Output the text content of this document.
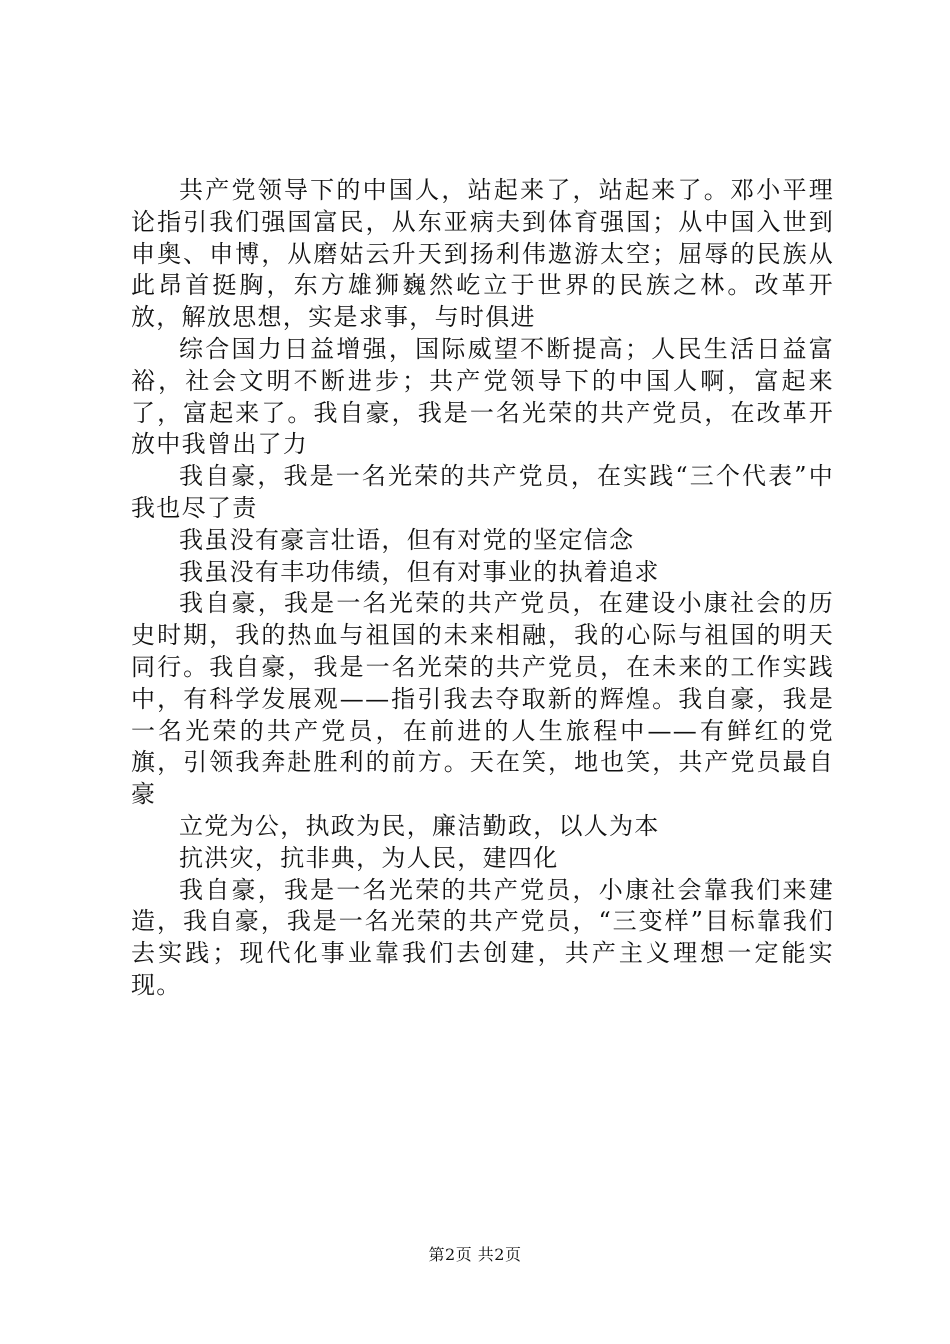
共产党领导下的中国人，站起来了，站起来了。邓小平理论指引我们强国富民，从东亚病夫到体育强国；从中国入世到申奥、申博，从磨姑云升天到扬利伟遨游太空；屈辱的民族从此昂首挺胸，东方雄狮巍然屹立于世界的民族之林。改革开放，解放思想，实是求事，与时俱进

综合国力日益增强，国际威望不断提高；人民生活日益富裕，社会文明不断进步；共产党领导下的中国人啊，富起来了，富起来了。我自豪，我是一名光荣的共产党员，在改革开放中我曾出了力

我自豪，我是一名光荣的共产党员，在实践“三个代表”中我也尽了责

我虽没有豪言壮语，但有对党的坚定信念

我虽没有丰功伟绩，但有对事业的执着追求

我自豪，我是一名光荣的共产党员，在建设小康社会的历史时期，我的热血与祖国的未来相融，我的心际与祖国的明天同行。我自豪，我是一名光荣的共产党员，在未来的工作实践中，有科学发展观——指引我去夺取新的辉煌。我自豪，我是一名光荣的共产党员，在前进的人生旅程中——有鲜红的党旗，引领我奔赴胜利的前方。天在笑，地也笑，共产党员最自豪

立党为公，执政为民，廉洁勤政，以人为本

抗洪灾，抗非典，为人民，建四化

我自豪，我是一名光荣的共产党员，小康社会靠我们来建造，我自豪，我是一名光荣的共产党员，“三变样”目标靠我们去实践；现代化事业靠我们去创建，共产主义理想一定能实现。

第2页 共2页
